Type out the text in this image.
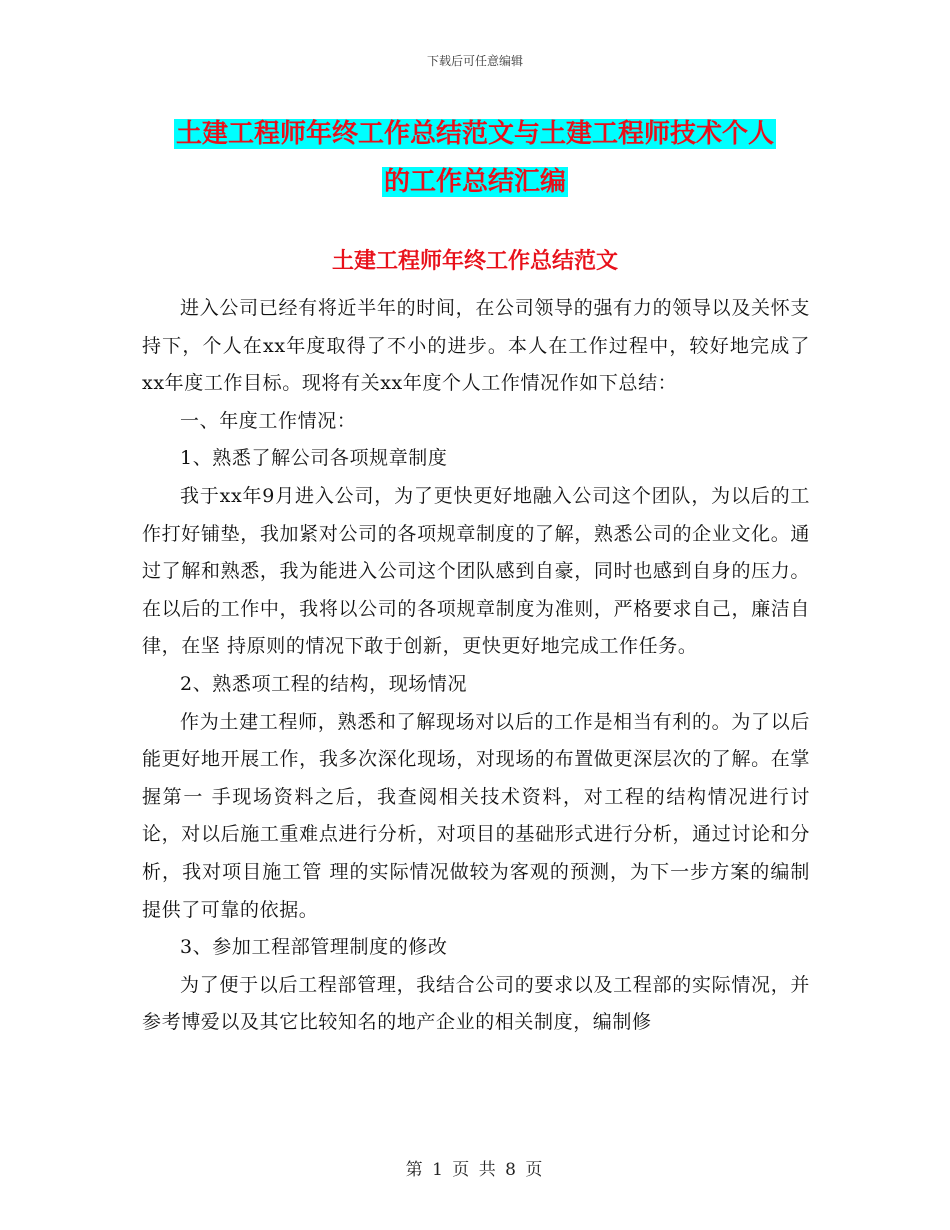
下载后可任意编辑
土建工程师年终工作总结范文与土建工程师技术个人
的工作总结汇编
土建工程师年终工作总结范文

进入公司已经有将近半年的时间，在公司领导的强有力的领导以及关怀支持下，个人在xx年度取得了不小的进步。本人在工作过程中，较好地完成了xx年度工作目标。现将有关xx年度个人工作情况作如下总结：

一、年度工作情况：

1、熟悉了解公司各项规章制度

我于xx年9月进入公司，为了更快更好地融入公司这个团队，为以后的工作打好铺垫，我加紧对公司的各项规章制度的了解，熟悉公司的企业文化。通 过了解和熟悉，我为能进入公司这个团队感到自豪，同时也感到自身的压力。在以后的工作中，我将以公司的各项规章制度为准则，严格要求自己，廉洁自律，在坚 持原则的情况下敢于创新，更快更好地完成工作任务。

2、熟悉项工程的结构，现场情况

作为土建工程师，熟悉和了解现场对以后的工作是相当有利的。为了以后能更好地开展工作，我多次深化现场，对现场的布置做更深层次的了解。在掌握第一 手现场资料之后，我查阅相关技术资料，对工程的结构情况进行讨论，对以后施工重难点进行分析，对项目的基础形式进行分析，通过讨论和分析，我对项目施工管 理的实际情况做较为客观的预测，为下一步方案的编制提供了可靠的依据。

3、参加工程部管理制度的修改

为了便于以后工程部管理，我结合公司的要求以及工程部的实际情况，并参考博爱以及其它比较知名的地产企业的相关制度，编制修

第 1 页 共 8 页
